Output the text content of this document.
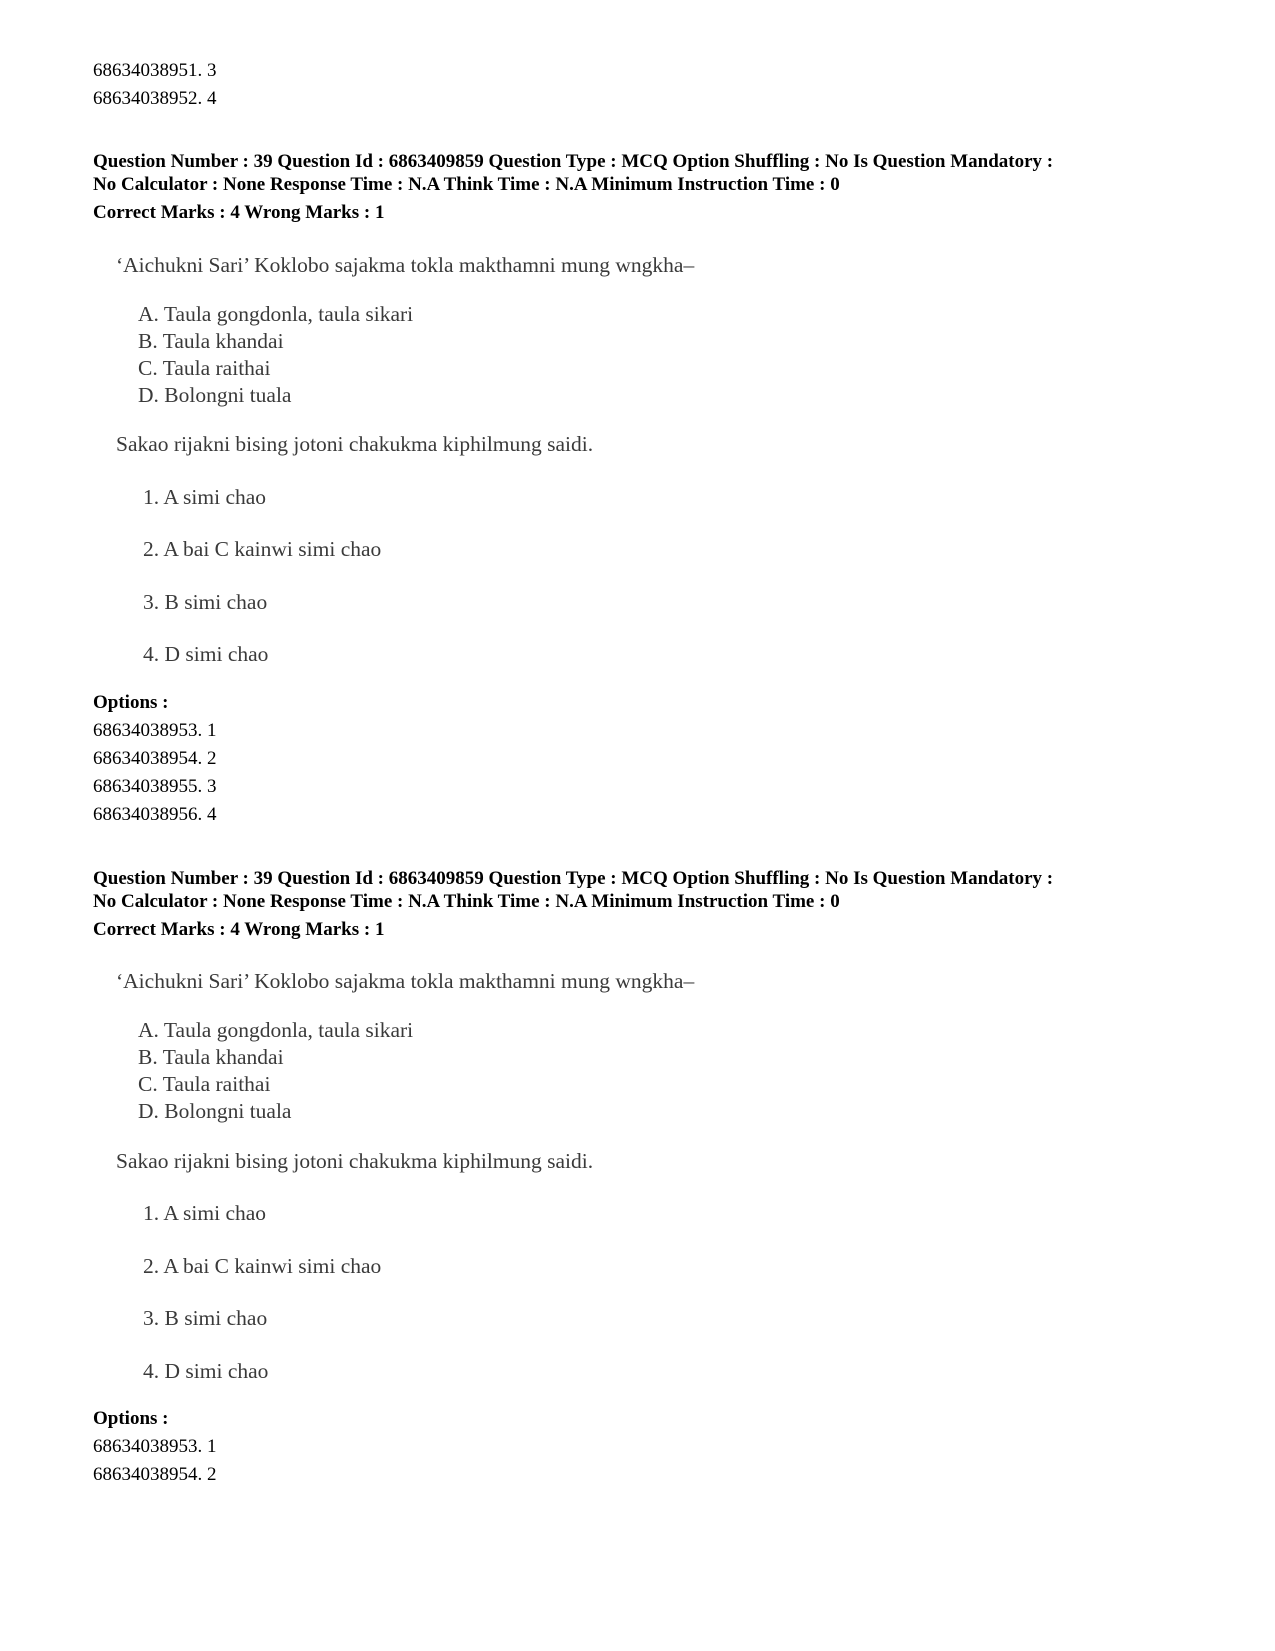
68634038951. 3
68634038952. 4
Question Number : 39 Question Id : 6863409859 Question Type : MCQ Option Shuffling : No Is Question Mandatory :
No Calculator : None Response Time : N.A Think Time : N.A Minimum Instruction Time : 0
Correct Marks : 4 Wrong Marks : 1
‘Aichukni Sari’ Koklobo sajakma tokla makthamni mung wngkha–
A. Taula gongdonla, taula sikari
B. Taula khandai
C. Taula raithai
D. Bolongni tuala
Sakao rijakni bising jotoni chakukma kiphilmung saidi.
1. A simi chao
2. A bai C kainwi simi chao
3. B simi chao
4. D simi chao
Options :
68634038953. 1
68634038954. 2
68634038955. 3
68634038956. 4
Question Number : 39 Question Id : 6863409859 Question Type : MCQ Option Shuffling : No Is Question Mandatory :
No Calculator : None Response Time : N.A Think Time : N.A Minimum Instruction Time : 0
Correct Marks : 4 Wrong Marks : 1
‘Aichukni Sari’ Koklobo sajakma tokla makthamni mung wngkha–
A. Taula gongdonla, taula sikari
B. Taula khandai
C. Taula raithai
D. Bolongni tuala
Sakao rijakni bising jotoni chakukma kiphilmung saidi.
1. A simi chao
2. A bai C kainwi simi chao
3. B simi chao
4. D simi chao
Options :
68634038953. 1
68634038954. 2
